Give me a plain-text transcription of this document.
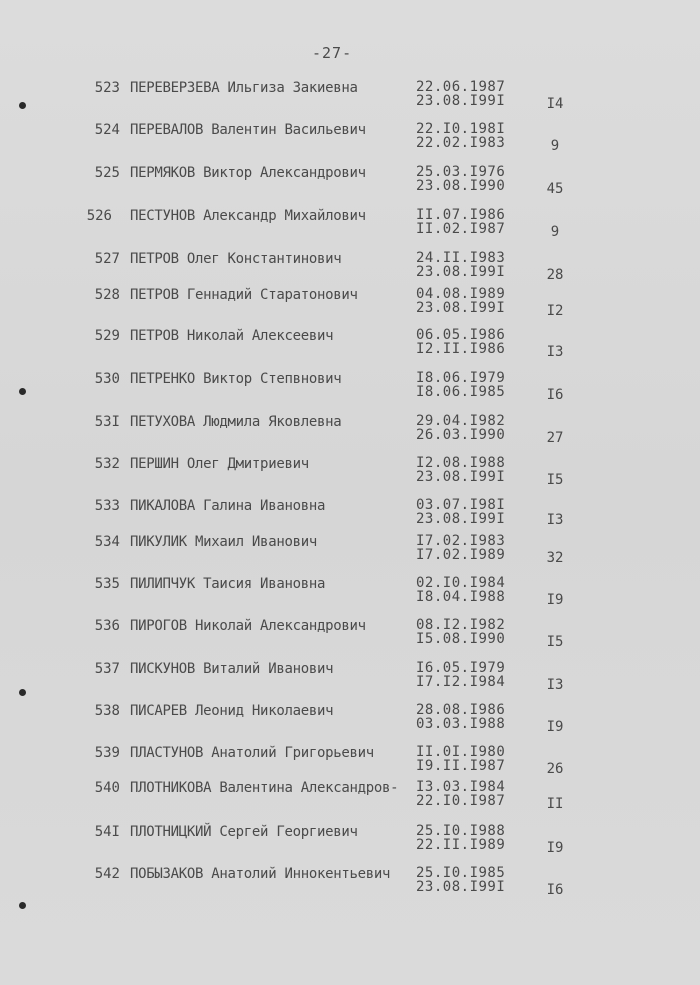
-27-
523 ПЕРЕВЕРЗЕВА Ильгиза Закиевна	22.06.1987
23.08.I99I	I4
524 ПЕРЕВАЛОВ Валентин Васильевич	22.I0.198I
22.02.I983	9
525 ПЕРМЯКОВ Виктор Александрович	25.03.I976
23.08.I990	45
526 ПЕСТУНОВ Александр Михайлович	II.07.I986
II.02.I987	9
527 ПЕТРОВ Олег Константинович	24.II.I983
23.08.I99I	28
528 ПЕТРОВ Геннадий Старатонович	04.08.I989
23.08.I99I	I2
529 ПЕТРОВ Николай Алексеевич	06.05.I986
I2.II.I986	I3
530 ПЕТРЕНКО Виктор Степвнович	I8.06.I979
I8.06.I985	I6
53I ПЕТУХОВА Людмила Яковлевна	29.04.I982
26.03.I990	27
532 ПЕРШИН Олег Дмитриевич	I2.08.I988
23.08.I99I	I5
533 ПИКАЛОВА Галина Ивановна	03.07.I98I
23.08.I99I	I3
534 ПИКУЛИК Михаил Иванович	I7.02.I983
I7.02.I989	32
535 ПИЛИПЧУК Таисия Ивановна	02.I0.I984
I8.04.I988	I9
536 ПИРОГОВ Николай Александрович	08.I2.I982
I5.08.I990	I5
537 ПИСКУНОВ Виталий Иванович	I6.05.I979
I7.I2.I984	I3
538 ПИСАРЕВ Леонид Николаевич	28.08.I986
03.03.I988	I9
539 ПЛАСТУНОВ Анатолий Григорьевич	II.0I.I980
I9.II.I987	26
540 ПЛОТНИКОВА Валентина Александров- I3.03.I984
22.I0.I987	II
54I ПЛОТНИЦКИЙ Сергей Георгиевич	25.I0.I988
22.II.I989	I9
542 ПОБЫЗАКОВ Анатолий Иннокентьевич 25.I0.I985
23.08.I99I	I6
